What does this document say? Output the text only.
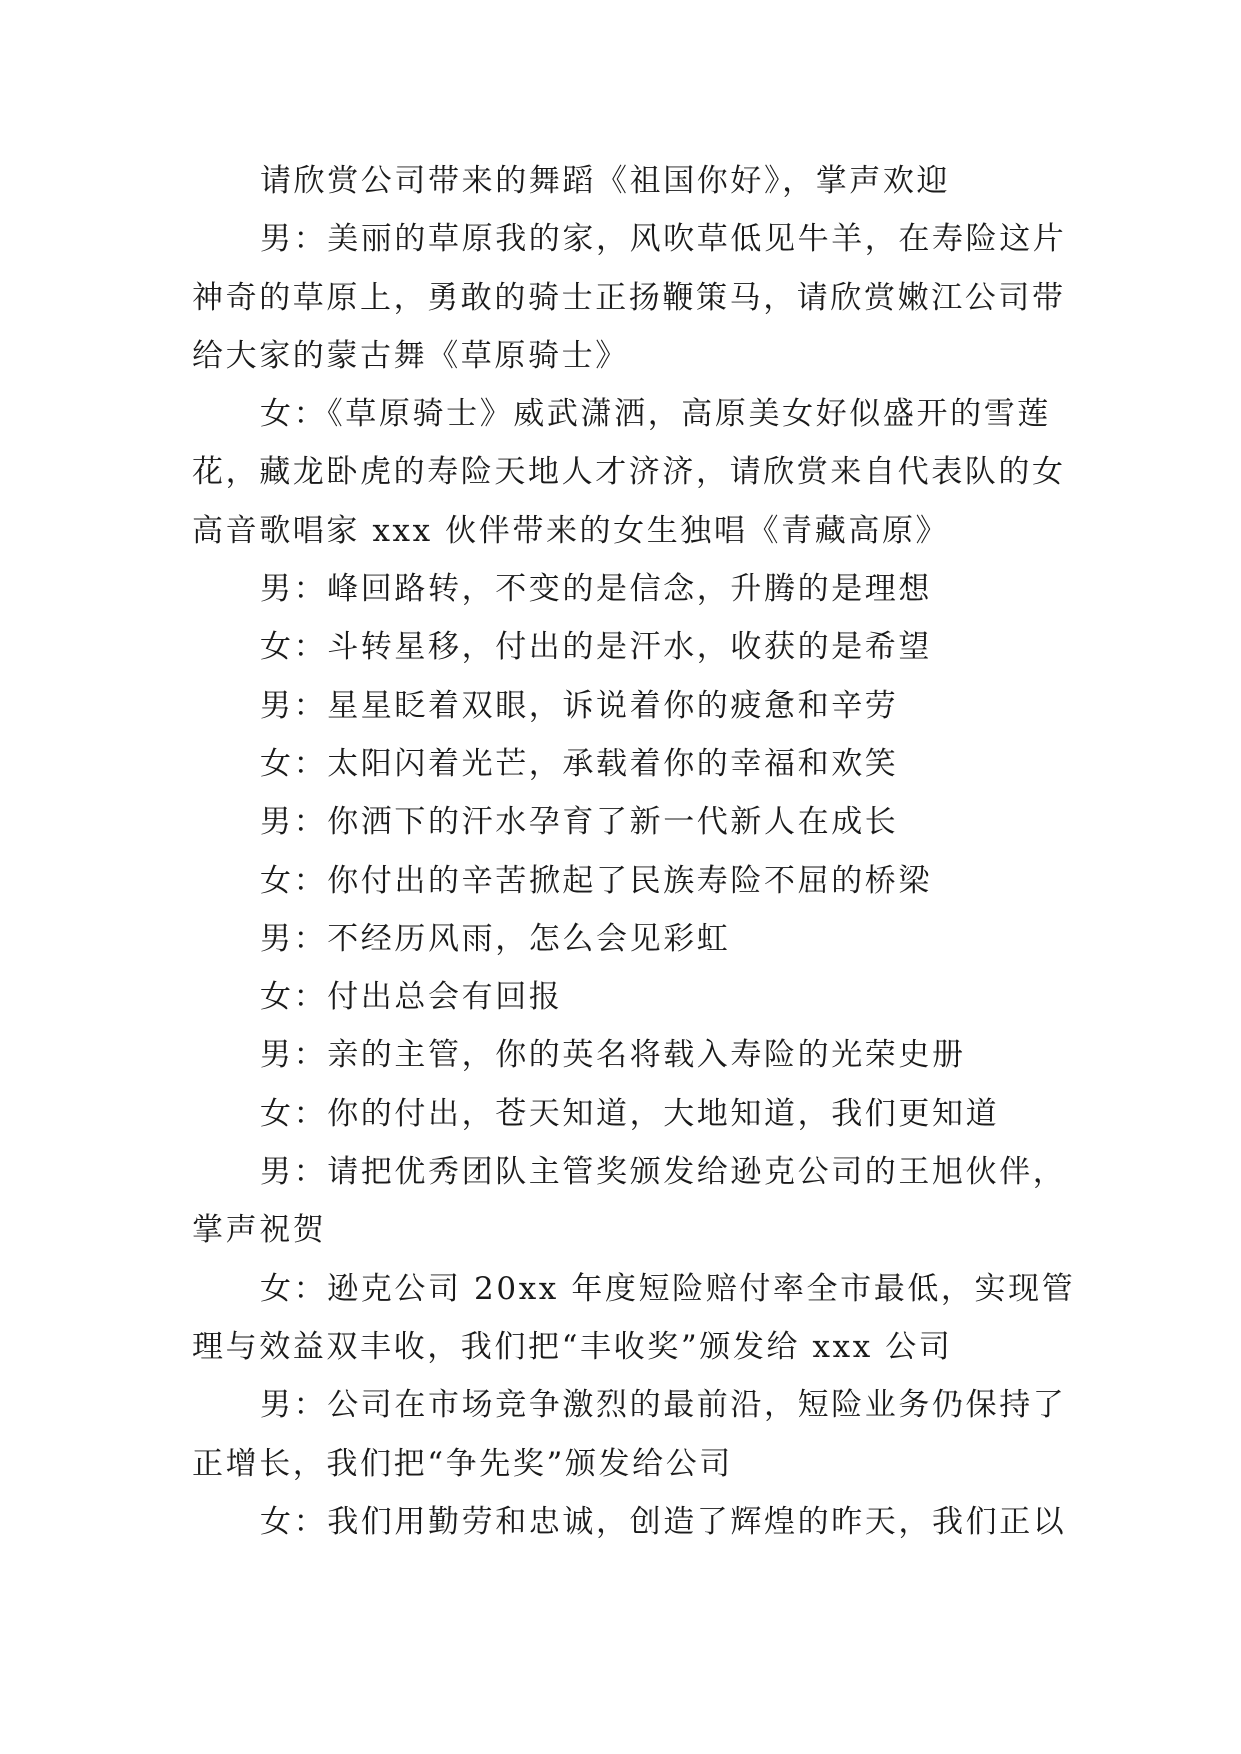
请欣赏公司带来的舞蹈《祖国你好》，掌声欢迎

男：美丽的草原我的家，风吹草低见牛羊，在寿险这片
神奇的草原上，勇敢的骑士正扬鞭策马，请欣赏嫩江公司带
给大家的蒙古舞《草原骑士》

女：《草原骑士》威武潇洒，高原美女好似盛开的雪莲
花，藏龙卧虎的寿险天地人才济济，请欣赏来自代表队的女
高音歌唱家 xxx 伙伴带来的女生独唱《青藏高原》

男：峰回路转，不变的是信念，升腾的是理想

女：斗转星移，付出的是汗水，收获的是希望

男：星星眨着双眼，诉说着你的疲惫和辛劳

女：太阳闪着光芒，承载着你的幸福和欢笑

男：你洒下的汗水孕育了新一代新人在成长

女：你付出的辛苦掀起了民族寿险不屈的桥梁

男：不经历风雨，怎么会见彩虹

女：付出总会有回报

男：亲的主管，你的英名将载入寿险的光荣史册

女：你的付出，苍天知道，大地知道，我们更知道

男：请把优秀团队主管奖颁发给逊克公司的王旭伙伴，
掌声祝贺

女：逊克公司 20xx 年度短险赔付率全市最低，实现管
理与效益双丰收，我们把“丰收奖”颁发给 xxx 公司

男：公司在市场竞争激烈的最前沿，短险业务仍保持了
正增长，我们把“争先奖”颁发给公司

女：我们用勤劳和忠诚，创造了辉煌的昨天，我们正以
